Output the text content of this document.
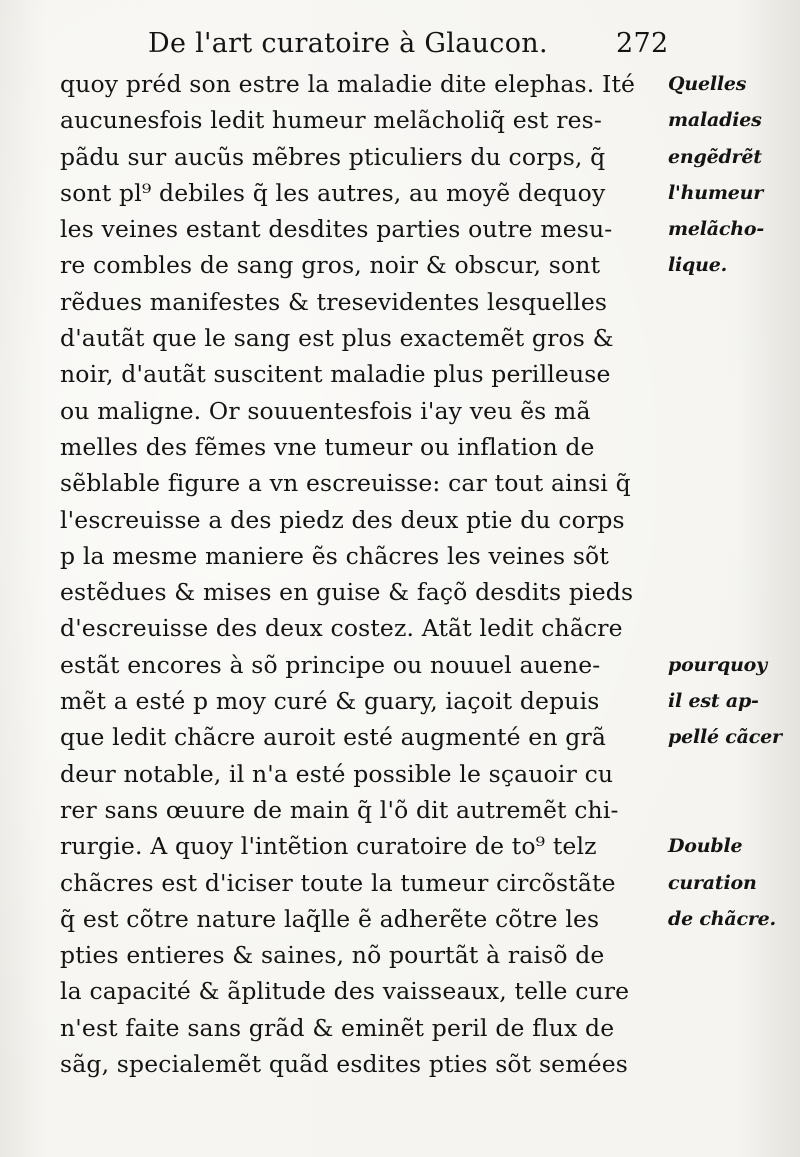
De l'art curatoire à Glaucon.	272
quoy préd son estre la maladie dite elephas. Ité
aucunesfois ledit humeur melãcholiq̃ est res-
pãdu sur aucũs mẽbres pticuliers du corps, q̃
sont pl⁹ debiles q̃ les autres, au moyẽ dequoy
les veines estant desdites parties outre mesu-
re combles de sang gros, noir & obscur, sont
rẽdues manifestes & tresevidentes lesquelles
d'autãt que le sang est plus exactemẽt gros &
noir, d'autãt suscitent maladie plus perilleuse
ou maligne. Or souuentesfois i'ay veu ẽs mã
melles des fẽmes vne tumeur ou inflation de
sẽblable figure a vn escreuisse: car tout ainsi q̃
l'escreuisse a des piedz des deux ptie du corps
p la mesme maniere ẽs chãcres les veines sõt
estẽdues & mises en guise & façõ desdits pieds
d'escreuisse des deux costez. Atãt ledit chãcre
estãt encores à sõ principe ou nouuel auene-
mẽt a esté p moy curé & guary, iaçoit depuis
que ledit chãcre auroit esté augmenté en grã
deur notable, il n'a esté possible le sçauoir cu
rer sans œuure de main q̃ l'õ dit autremẽt chi-
rurgie. A quoy l'intẽtion curatoire de to⁹ telz
chãcres est d'iciser toute la tumeur circõstãte
q̃ est cõtre nature laq̃lle ẽ adherẽte cõtre les
pties entieres & saines, nõ pourtãt à raisõ de
la capacité & ãplitude des vaisseaux, telle cure
n'est faite sans grãd & eminẽt peril de flux de
sãg, specialemẽt quãd esdites pties sõt semées
Quelles
maladies
engẽdrẽt
l'humeur
melãcho-
lique.
pourquoy
il est ap-
pellé cãcer
Double
curation
de chãcre.
